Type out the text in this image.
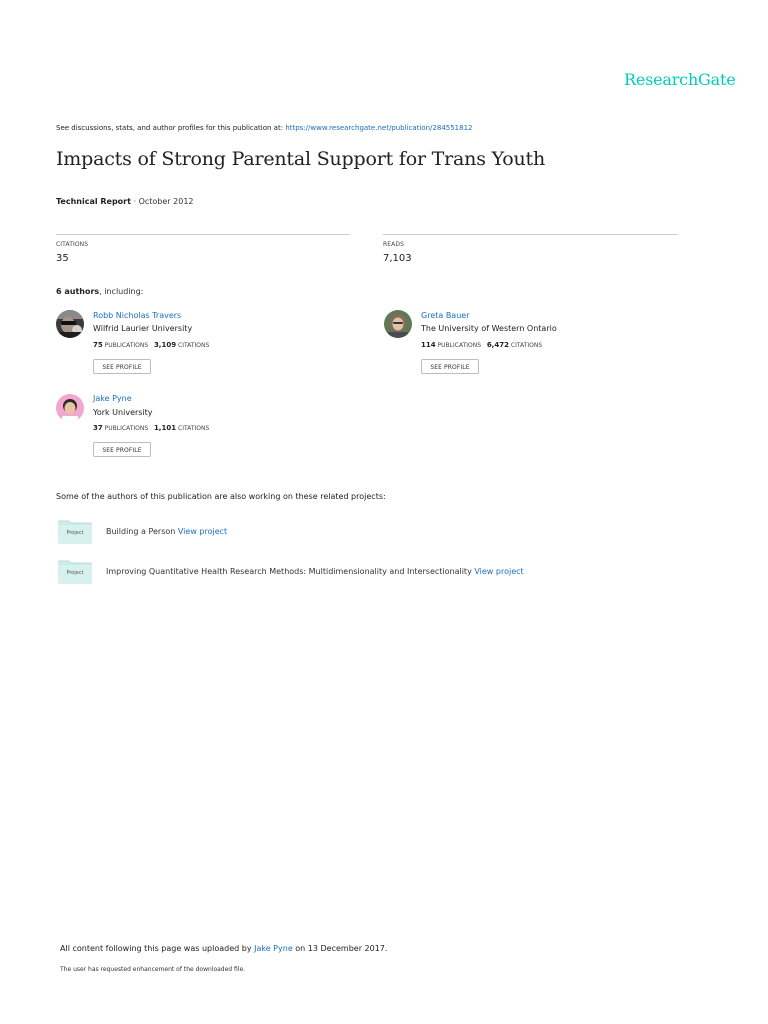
ResearchGate
See discussions, stats, and author profiles for this publication at: https://www.researchgate.net/publication/284551812
Impacts of Strong Parental Support for Trans Youth
Technical Report · October 2012
CITATIONS
35
READS
7,103
6 authors, including:
Robb Nicholas Travers
Wilfrid Laurier University
75 PUBLICATIONS 3,109 CITATIONS
SEE PROFILE
Greta Bauer
The University of Western Ontario
114 PUBLICATIONS 6,472 CITATIONS
SEE PROFILE
Jake Pyne
York University
37 PUBLICATIONS 1,101 CITATIONS
SEE PROFILE
Some of the authors of this publication are also working on these related projects:
Project	Building a Person View project
Project	Improving Quantitative Health Research Methods: Multidimensionality and Intersectionality View project
All content following this page was uploaded by Jake Pyne on 13 December 2017.
The user has requested enhancement of the downloaded file.
